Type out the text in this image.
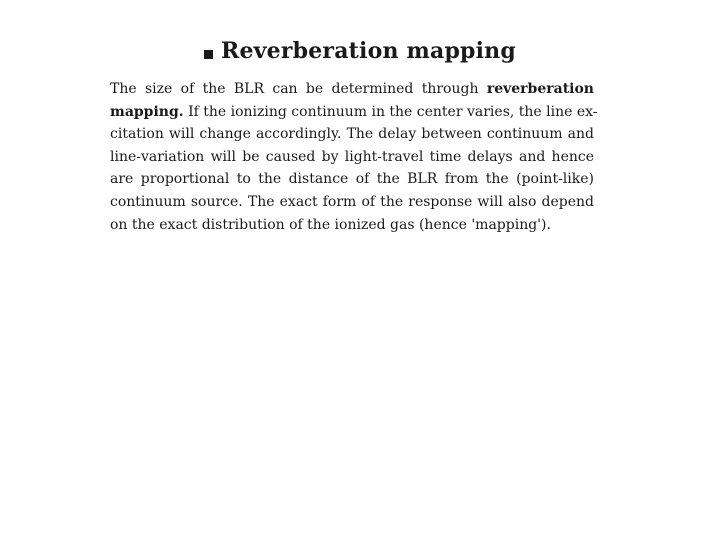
Reverberation mapping

The size of the BLR can be determined through reverberation
mapping. If the ionizing continuum in the center varies, the line ex-
citation will change accordingly. The delay between continuum and
line-variation will be caused by light-travel time delays and hence
are proportional to the distance of the BLR from the (point-like)
continuum source. The exact form of the response will also depend
on the exact distribution of the ionized gas (hence 'mapping').
